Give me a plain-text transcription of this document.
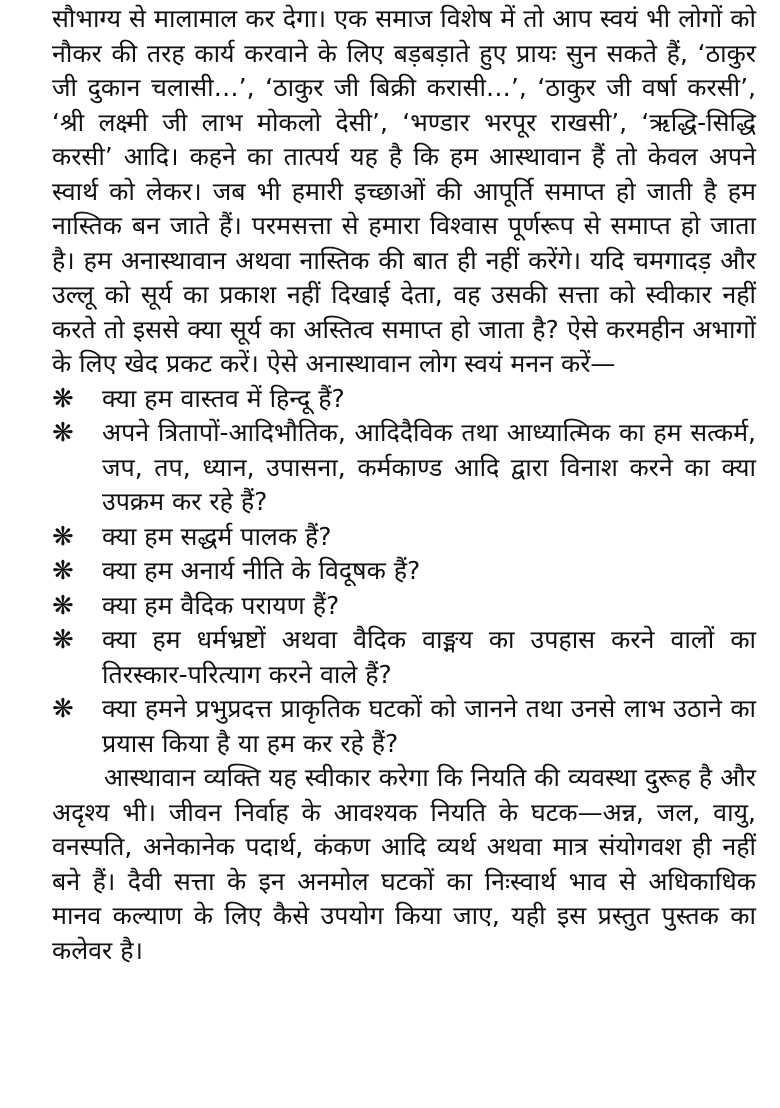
सौभाग्य से मालामाल कर देगा। एक समाज विशेष में तो आप स्वयं भी लोगों को नौकर की तरह कार्य करवाने के लिए बड़बड़ाते हुए प्रायः सुन सकते हैं, ‘ठाकुर जी दुकान चलासी…’, ‘ठाकुर जी बिक्री करासी…’, ‘ठाकुर जी वर्षा करसी’, ‘श्री लक्ष्मी जी लाभ मोकलो देसी’, ‘भण्डार भरपूर राखसी’, ‘ऋद्धि-सिद्धि करसी’ आदि। कहने का तात्पर्य यह है कि हम आस्थावान हैं तो केवल अपने स्वार्थ को लेकर। जब भी हमारी इच्छाओं की आपूर्ति समाप्त हो जाती है हम नास्तिक बन जाते हैं। परमसत्ता से हमारा विश्वास पूर्णरूप से समाप्त हो जाता है। हम अनास्थावान अथवा नास्तिक की बात ही नहीं करेंगे। यदि चमगादड़ और उल्लू को सूर्य का प्रकाश नहीं दिखाई देता, वह उसकी सत्ता को स्वीकार नहीं करते तो इससे क्या सूर्य का अस्तित्व समाप्त हो जाता है? ऐसे करमहीन अभागों के लिए खेद प्रकट करें। ऐसे अनास्थावान लोग स्वयं मनन करें—

❋	क्या हम वास्तव में हिन्दू हैं?
❋	अपने त्रितापों-आदिभौतिक, आदिदैविक तथा आध्यात्मिक का हम सत्कर्म, जप, तप, ध्यान, उपासना, कर्मकाण्ड आदि द्वारा विनाश करने का क्या उपक्रम कर रहे हैं?
❋	क्या हम सद्धर्म पालक हैं?
❋	क्या हम अनार्य नीति के विदूषक हैं?
❋	क्या हम वैदिक परायण हैं?
❋	क्या हम धर्मभ्रष्टों अथवा वैदिक वाङ्मय का उपहास करने वालों का तिरस्कार-परित्याग करने वाले हैं?
❋	क्या हमने प्रभुप्रदत्त प्राकृतिक घटकों को जानने तथा उनसे लाभ उठाने का प्रयास किया है या हम कर रहे हैं?

आस्थावान व्यक्ति यह स्वीकार करेगा कि नियति की व्यवस्था दुरूह है और अदृश्य भी। जीवन निर्वाह के आवश्यक नियति के घटक—अन्न, जल, वायु, वनस्पति, अनेकानेक पदार्थ, कंकण आदि व्यर्थ अथवा मात्र संयोगवश ही नहीं बने हैं। दैवी सत्ता के इन अनमोल घटकों का निःस्वार्थ भाव से अधिकाधिक मानव कल्याण के लिए कैसे उपयोग किया जाए, यही इस प्रस्तुत पुस्तक का कलेवर है।
